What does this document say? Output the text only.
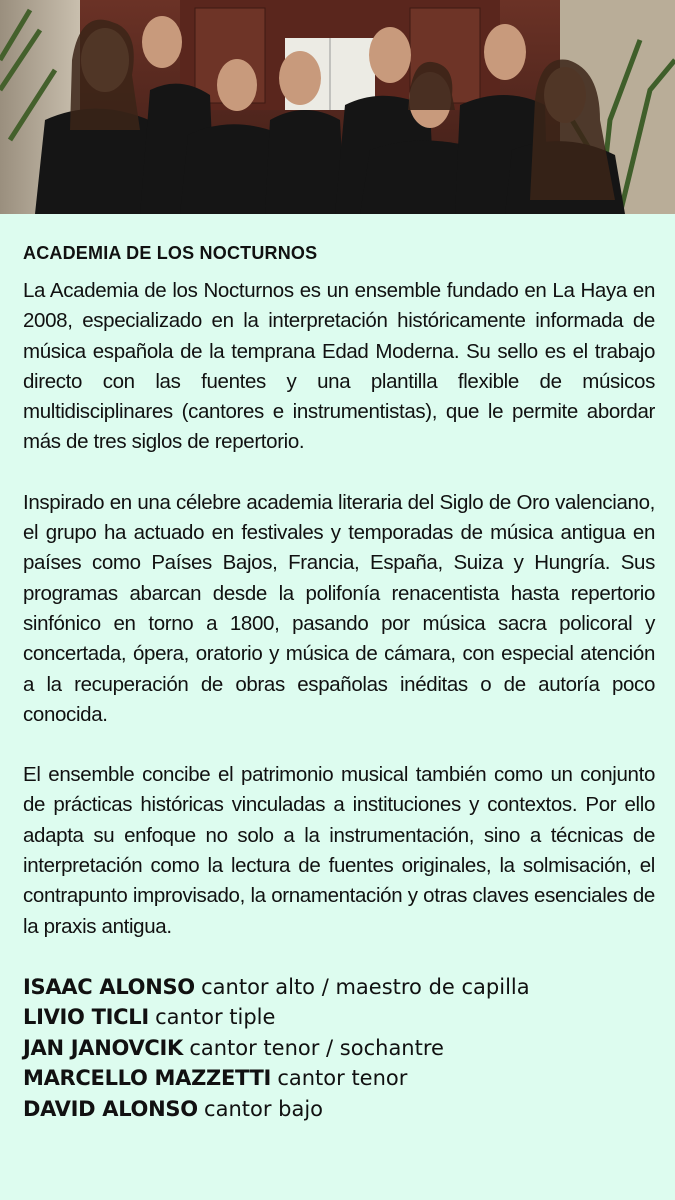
ACADEMIA DE LOS NOCTURNOS

La Academia de los Nocturnos es un ensemble fundado en La Haya en 2008, especializado en la interpretación históricamente informada de música española de la temprana Edad Moderna. Su sello es el trabajo directo con las fuentes y una plantilla flexible de músicos multidisciplinares (cantores e instrumentistas), que le permite abordar más de tres siglos de repertorio.

Inspirado en una célebre academia literaria del Siglo de Oro valenciano, el grupo ha actuado en festivales y temporadas de música antigua en países como Países Bajos, Francia, España, Suiza y Hungría. Sus programas abarcan desde la polifonía renacentista hasta repertorio sinfónico en torno a 1800, pasando por música sacra policoral y concertada, ópera, oratorio y música de cámara, con especial atención a la recuperación de obras españolas inéditas o de autoría poco conocida.

El ensemble concibe el patrimonio musical también como un conjunto de prácticas históricas vinculadas a instituciones y contextos. Por ello adapta su enfoque no solo a la instrumentación, sino a técnicas de interpretación como la lectura de fuentes originales, la solmisación, el contrapunto improvisado, la ornamentación y otras claves esenciales de la praxis antigua.

ISAAC ALONSO cantor alto / maestro de capilla
LIVIO TICLI cantor tiple
JAN JANOVCIK cantor tenor / sochantre
MARCELLO MAZZETTI cantor tenor
DAVID ALONSO cantor bajo
